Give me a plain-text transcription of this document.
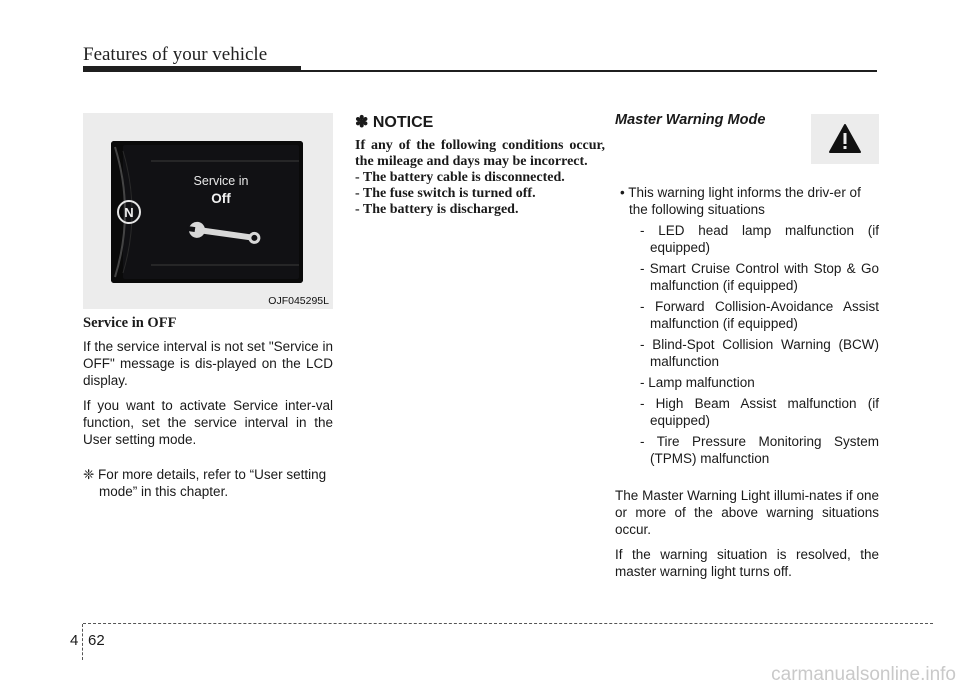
Features of your vehicle
N
Service in
Off
OJF045295L
Service in OFF

If the service interval is not set "Service in OFF" message is dis-played on the LCD display.

If you want to activate Service inter-val function, set the service interval in the User setting mode.

❈ For more details, refer to “User setting mode” in this chapter.

✽ NOTICE

If any of the following conditions occur, the mileage and days may be incorrect.

- The battery cable is disconnected.

- The fuse switch is turned off.

- The battery is discharged.

Master Warning Mode

• This warning light informs the driv-er of the following situations

- LED head lamp malfunction (if equipped)
- Smart Cruise Control with Stop & Go malfunction (if equipped)
- Forward Collision-Avoidance Assist malfunction (if equipped)
- Blind-Spot Collision Warning (BCW) malfunction
- Lamp malfunction
- High Beam Assist malfunction (if equipped)
- Tire Pressure Monitoring System (TPMS) malfunction

The Master Warning Light illumi-nates if one or more of the above warning situations occur.

If the warning situation is resolved, the master warning light turns off.

4 62
carmanualsonline.info
